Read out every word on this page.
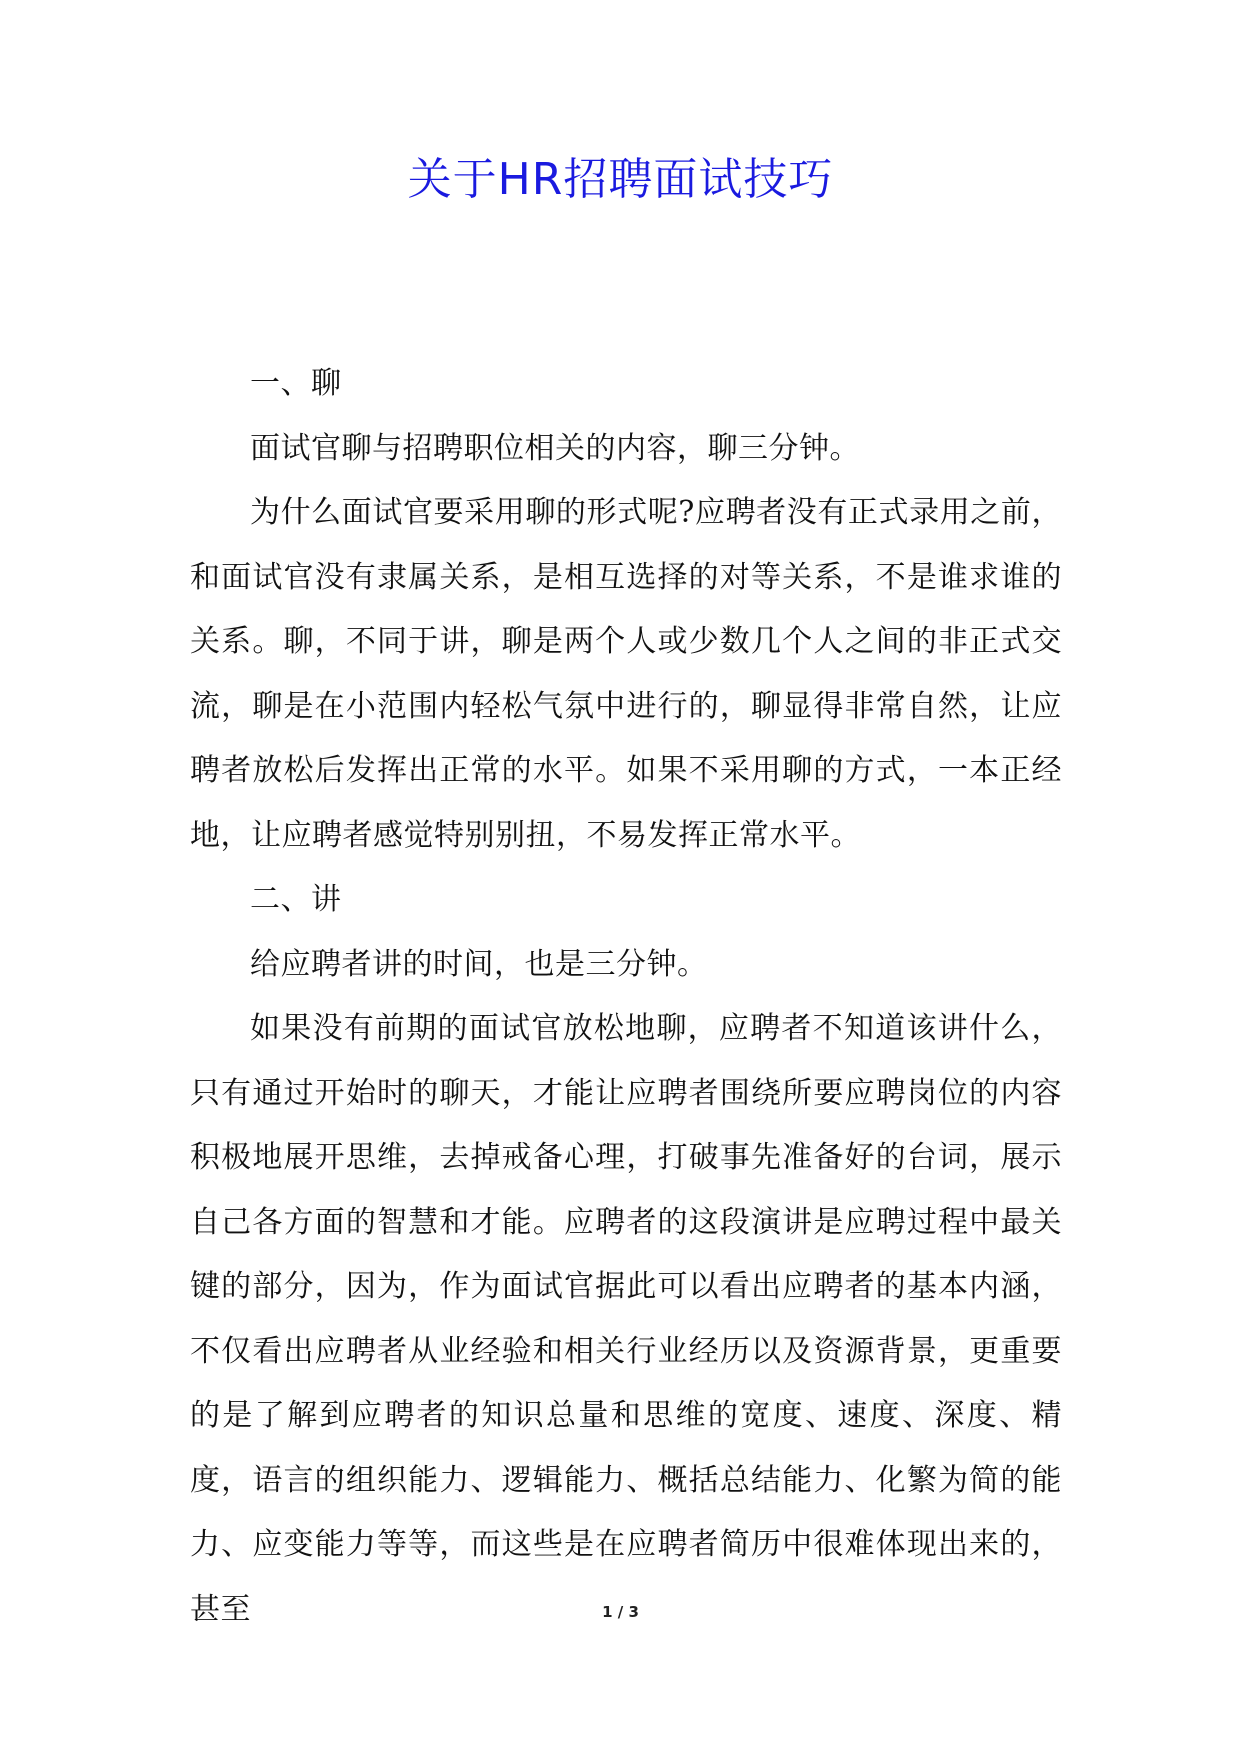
关于HR招聘面试技巧

一、聊

面试官聊与招聘职位相关的内容，聊三分钟。

为什么面试官要采用聊的形式呢?应聘者没有正式录用之前，和面试官没有隶属关系，是相互选择的对等关系，不是谁求谁的关系。聊，不同于讲，聊是两个人或少数几个人之间的非正式交流，聊是在小范围内轻松气氛中进行的，聊显得非常自然，让应聘者放松后发挥出正常的水平。如果不采用聊的方式，一本正经地，让应聘者感觉特别别扭，不易发挥正常水平。

二、讲

给应聘者讲的时间，也是三分钟。

如果没有前期的面试官放松地聊，应聘者不知道该讲什么，只有通过开始时的聊天，才能让应聘者围绕所要应聘岗位的内容积极地展开思维，去掉戒备心理，打破事先准备好的台词，展示自己各方面的智慧和才能。应聘者的这段演讲是应聘过程中最关键的部分，因为，作为面试官据此可以看出应聘者的基本内涵，不仅看出应聘者从业经验和相关行业经历以及资源背景，更重要的是了解到应聘者的知识总量和思维的宽度、速度、深度、精度，语言的组织能力、逻辑能力、概括总结能力、化繁为简的能力、应变能力等等，而这些是在应聘者简历中很难体现出来的，甚至	1 / 3
